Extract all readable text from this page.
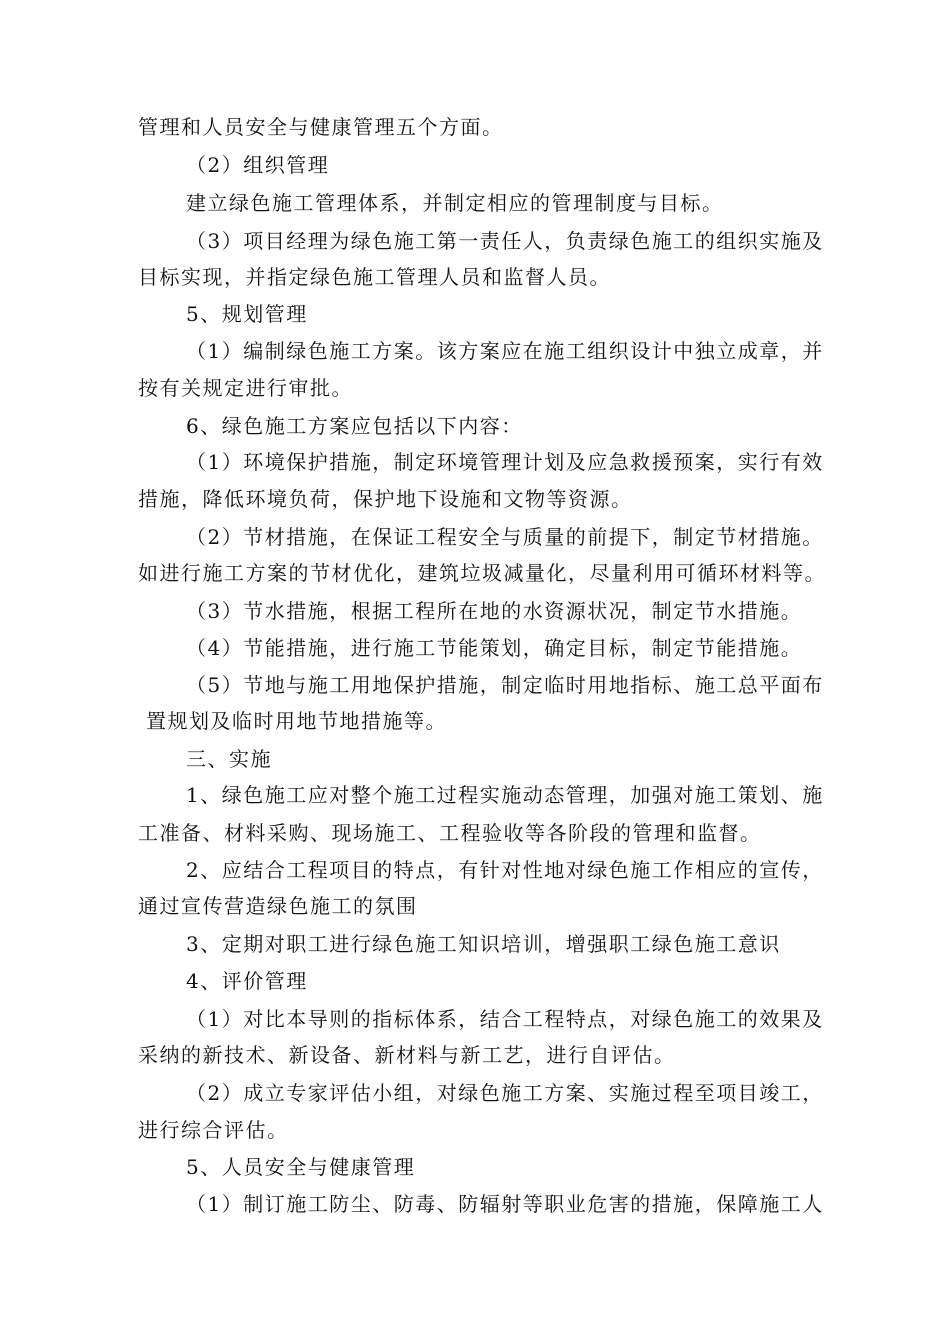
管理和人员安全与健康管理五个方面。
（2）组织管理
建立绿色施工管理体系，并制定相应的管理制度与目标。
（3）项目经理为绿色施工第一责任人，负责绿色施工的组织实施及
目标实现，并指定绿色施工管理人员和监督人员。
5、规划管理
（1）编制绿色施工方案。该方案应在施工组织设计中独立成章，并
按有关规定进行审批。
6、绿色施工方案应包括以下内容：
（1）环境保护措施，制定环境管理计划及应急救援预案，实行有效
措施，降低环境负荷，保护地下设施和文物等资源。
（2）节材措施，在保证工程安全与质量的前提下，制定节材措施。
如进行施工方案的节材优化，建筑垃圾减量化，尽量利用可循环材料等。
（3）节水措施，根据工程所在地的水资源状况，制定节水措施。
（4）节能措施，进行施工节能策划，确定目标，制定节能措施。
（5）节地与施工用地保护措施，制定临时用地指标、施工总平面布
置规划及临时用地节地措施等。
三、实施
1、绿色施工应对整个施工过程实施动态管理，加强对施工策划、施
工准备、材料采购、现场施工、工程验收等各阶段的管理和监督。
2、应结合工程项目的特点，有针对性地对绿色施工作相应的宣传，
通过宣传营造绿色施工的氛围
3、定期对职工进行绿色施工知识培训，增强职工绿色施工意识
4、评价管理
（1）对比本导则的指标体系，结合工程特点，对绿色施工的效果及
采纳的新技术、新设备、新材料与新工艺，进行自评估。
（2）成立专家评估小组，对绿色施工方案、实施过程至项目竣工，
进行综合评估。
5、人员安全与健康管理
（1）制订施工防尘、防毒、防辐射等职业危害的措施，保障施工人
